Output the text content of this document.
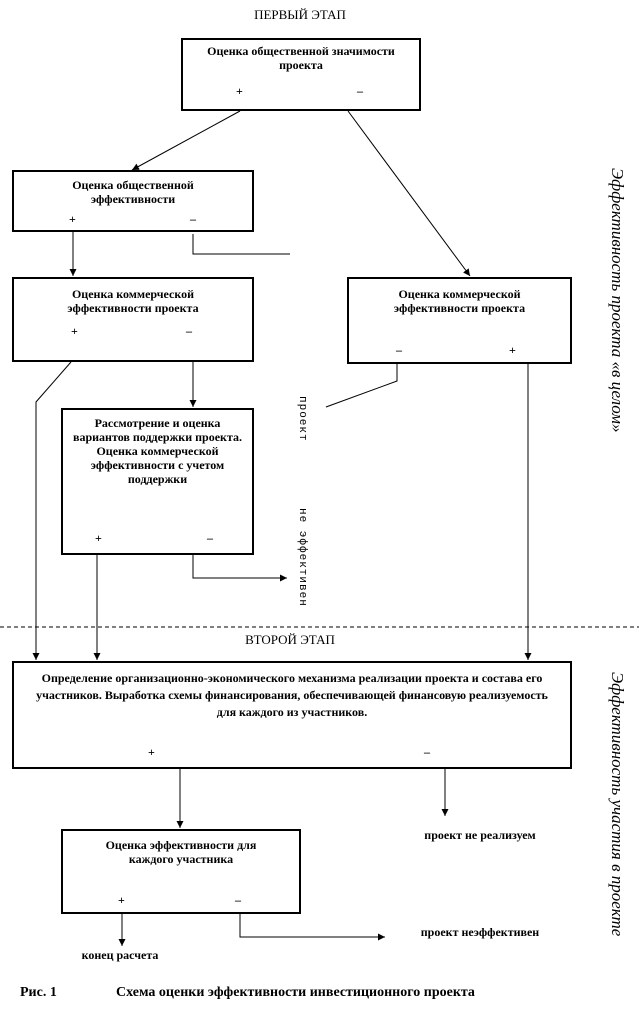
ПЕРВЫЙ ЭТАП
Оценка общественной значимости проекта
+	–
Оценка общественной эффективности
+	–
Оценка коммерческой эффективности проекта
+	–
Оценка коммерческой эффективности проекта
–	+
Рассмотрение и оценка вариантов поддержки проекта. Оценка коммерческой эффективности с учетом поддержки
+	–
проект
не эффективен
ВТОРОЙ ЭТАП
Определение организационно-экономического механизма реализации проекта и состава его участников. Выработка схемы финансирования, обеспечивающей финансовую реализуемость для каждого из участников.
+	–
проект не реализуем
Оценка эффективности для каждого участника
+	–
конец расчета
проект неэффективен
Эффективность проекта «в целом»
Эффективность участия в проекте
Рис. 1	Схема оценки эффективности инвестиционного проекта
